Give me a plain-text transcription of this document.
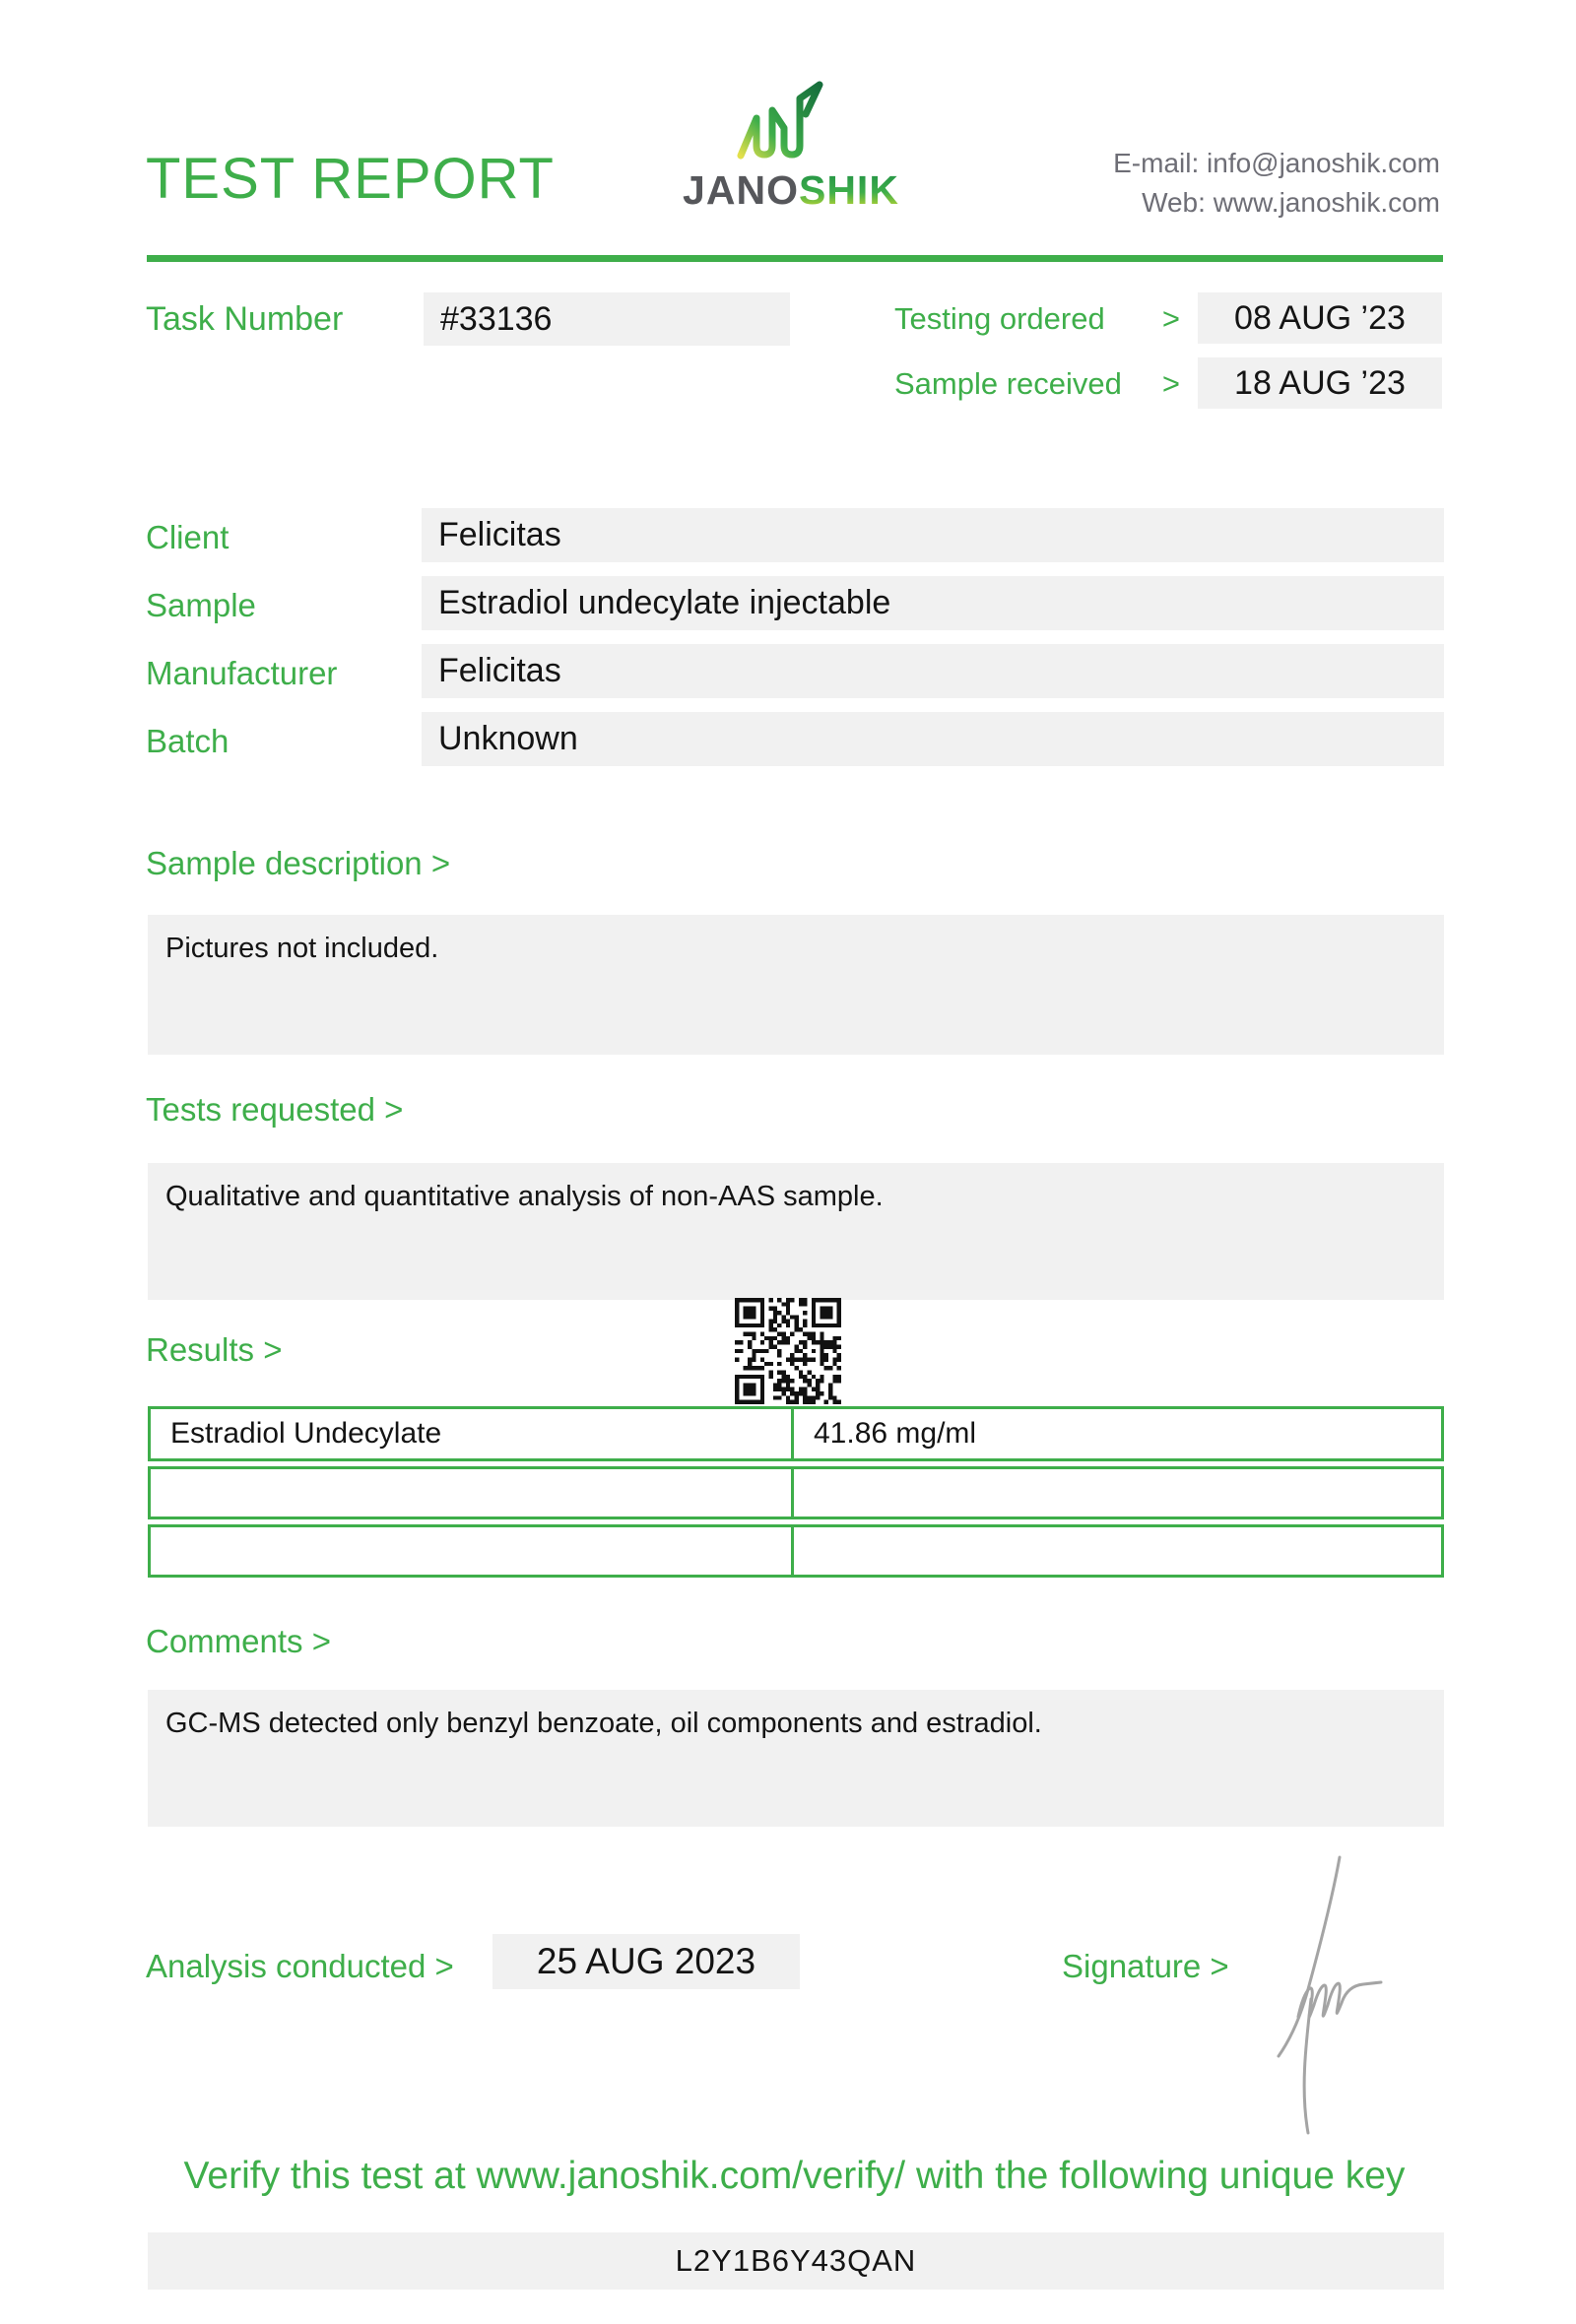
TEST REPORT	JANOSHIK
E-mail: info@janoshik.com
Web: www.janoshik.com
Task Number	#33136	Testing ordered >	08 AUG ’23
Sample received >	18 AUG ’23
Client	Felicitas
Sample	Estradiol undecylate injectable
Manufacturer	Felicitas
Batch	Unknown
Sample description >
Pictures not included.
Tests requested >
Qualitative and quantitative analysis of non-AAS sample.
Results >
Estradiol Undecylate	41.86 mg/ml
Comments >
GC-MS detected only benzyl benzoate, oil components and estradiol.
Analysis conducted >	25 AUG 2023	Signature >
Verify this test at www.janoshik.com/verify/ with the following unique key
L2Y1B6Y43QAN
